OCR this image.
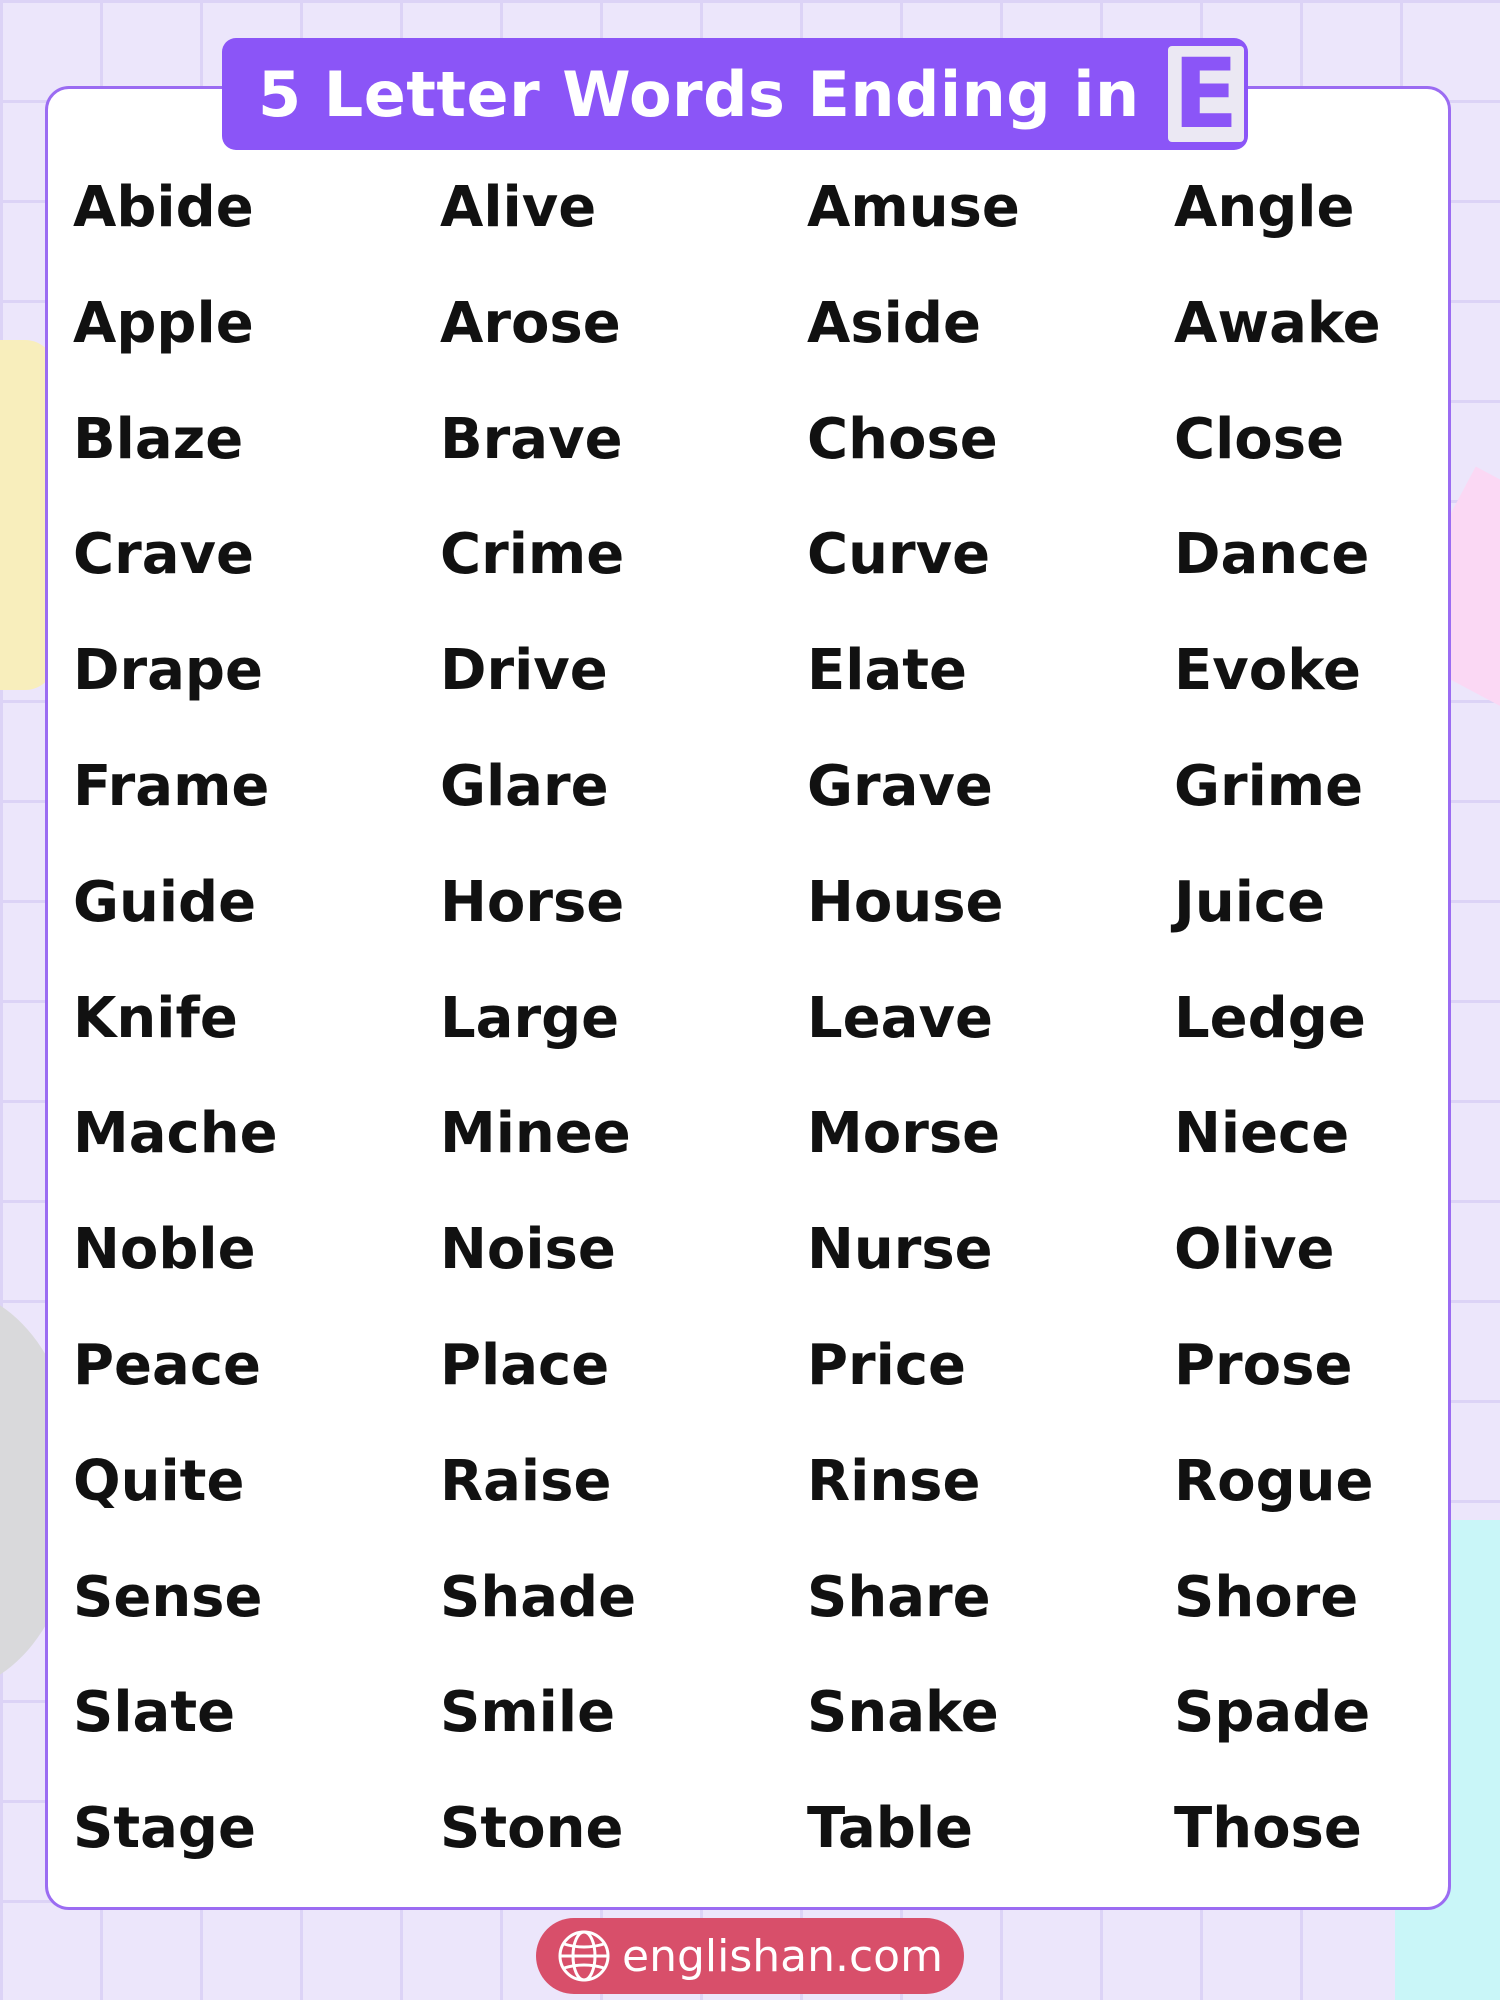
5 Letter Words Ending in E
Abide	Alive	Amuse	Angle
Apple	Arose	Aside	Awake
Blaze	Brave	Chose	Close
Crave	Crime	Curve	Dance
Drape	Drive	Elate	Evoke
Frame	Glare	Grave	Grime
Guide	Horse	House	Juice
Knife	Large	Leave	Ledge
Mache	Minee	Morse	Niece
Noble	Noise	Nurse	Olive
Peace	Place	Price	Prose
Quite	Raise	Rinse	Rogue
Sense	Shade	Share	Shore
Slate	Smile	Snake	Spade
Stage	Stone	Table	Those
englishan.com
